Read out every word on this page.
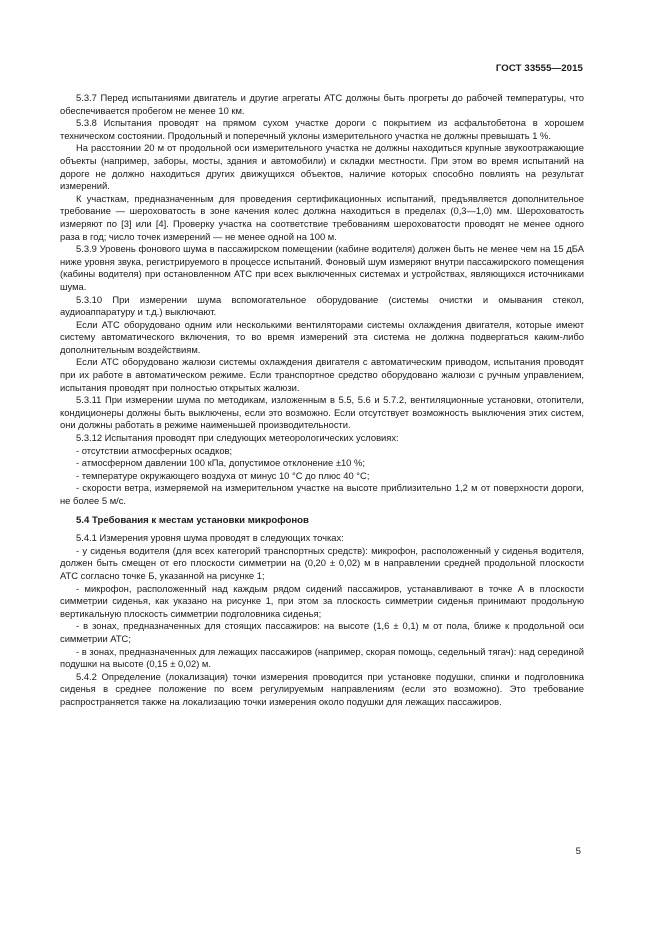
ГОСТ 33555—2015

5.3.7 Перед испытаниями двигатель и другие агрегаты АТС должны быть прогреты до рабочей температуры, что обеспечивается пробегом не менее 10 км.

5.3.8 Испытания проводят на прямом сухом участке дороги с покрытием из асфальтобетона в хорошем техническом состоянии. Продольный и поперечный уклоны измерительного участка не должны превышать 1 %.

На расстоянии 20 м от продольной оси измерительного участка не должны находиться крупные звукоотражающие объекты (например, заборы, мосты, здания и автомобили) и складки местности. При этом во время испытаний на дороге не должно находиться других движущихся объектов, наличие которых способно повлиять на результат измерений.

К участкам, предназначенным для проведения сертификационных испытаний, предъявляется дополнительное требование — шероховатость в зоне качения колес должна находиться в пределах (0,3—1,0) мм. Шероховатость измеряют по [3] или [4]. Проверку участка на соответствие требованиям шероховатости проводят не менее одного раза в год; число точек измерений — не менее одной на 100 м.

5.3.9 Уровень фонового шума в пассажирском помещении (кабине водителя) должен быть не менее чем на 15 дБА ниже уровня звука, регистрируемого в процессе испытаний. Фоновый шум измеряют внутри пассажирского помещения (кабины водителя) при остановленном АТС при всех выключенных системах и устройствах, являющихся источниками шума.

5.3.10 При измерении шума вспомогательное оборудование (системы очистки и омывания стекол, аудиоаппаратуру и т.д.) выключают.

Если АТС оборудовано одним или несколькими вентиляторами системы охлаждения двигателя, которые имеют систему автоматического включения, то во время измерений эта система не должна подвергаться каким-либо дополнительным воздействиям.

Если АТС оборудовано жалюзи системы охлаждения двигателя с автоматическим приводом, испытания проводят при их работе в автоматическом режиме. Если транспортное средство оборудовано жалюзи с ручным управлением, испытания проводят при полностью открытых жалюзи.

5.3.11 При измерении шума по методикам, изложенным в 5.5, 5.6 и 5.7.2, вентиляционные установки, отопители, кондиционеры должны быть выключены, если это возможно. Если отсутствует возможность выключения этих систем, они должны работать в режиме наименьшей производительности.

5.3.12 Испытания проводят при следующих метеорологических условиях:

- отсутствии атмосферных осадков;

- атмосферном давлении 100 кПа, допустимое отклонение ±10 %;

- температуре окружающего воздуха от минус 10 °С до плюс 40 °С;

- скорости ветра, измеряемой на измерительном участке на высоте приблизительно 1,2 м от поверхности дороги, не более 5 м/с.

5.4 Требования к местам установки микрофонов

5.4.1 Измерения уровня шума проводят в следующих точках:

- у сиденья водителя (для всех категорий транспортных средств): микрофон, расположенный у сиденья водителя, должен быть смещен от его плоскости симметрии на (0,20 ± 0,02) м в направлении средней продольной плоскости АТС согласно точке Б, указанной на рисунке 1;

- микрофон, расположенный над каждым рядом сидений пассажиров, устанавливают в точке А в плоскости симметрии сиденья, как указано на рисунке 1, при этом за плоскость симметрии сиденья принимают продольную вертикальную плоскость симметрии подголовника сиденья;

- в зонах, предназначенных для стоящих пассажиров: на высоте (1,6 ± 0,1) м от пола, ближе к продольной оси симметрии АТС;

- в зонах, предназначенных для лежащих пассажиров (например, скорая помощь, седельный тягач): над серединой подушки на высоте (0,15 ± 0,02) м.

5.4.2 Определение (локализация) точки измерения проводится при установке подушки, спинки и подголовника сиденья в среднее положение по всем регулируемым направлениям (если это возможно). Это требование распространяется также на локализацию точки измерения около подушки для лежащих пассажиров.

5
